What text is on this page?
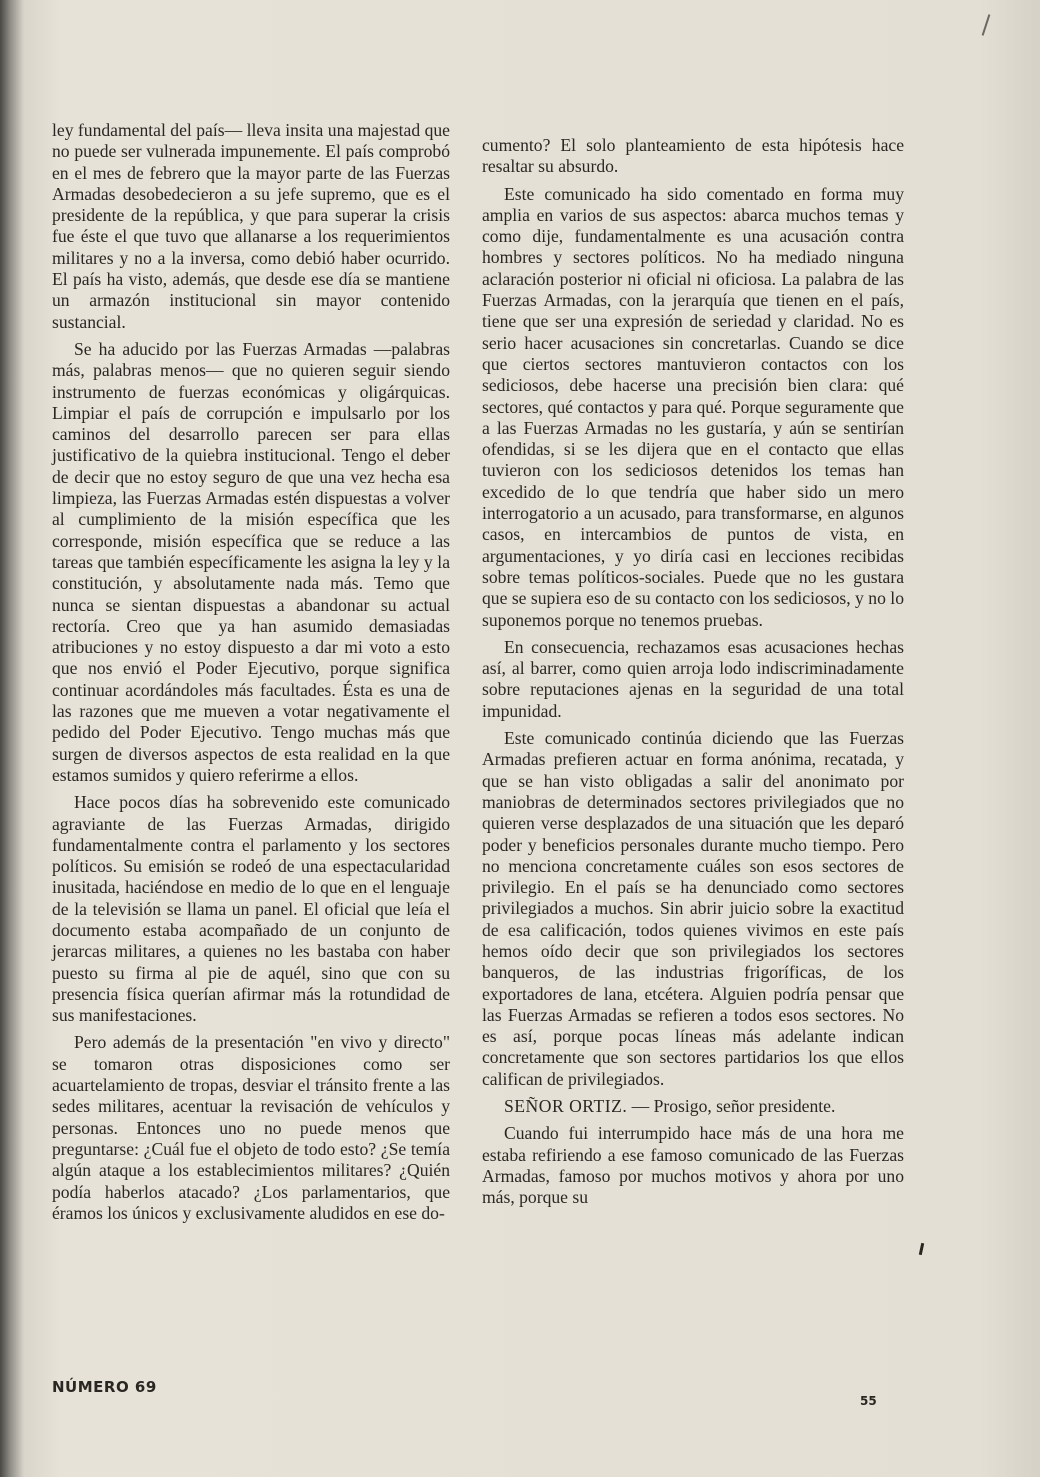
ley fundamental del país— lleva insita una majestad que no puede ser vulnerada impunemente. El país comprobó en el mes de febrero que la mayor parte de las Fuerzas Armadas desobedecieron a su jefe supremo, que es el presidente de la república, y que para superar la crisis fue éste el que tuvo que allanarse a los requerimientos militares y no a la inversa, como debió haber ocurrido. El país ha visto, además, que desde ese día se mantiene un armazón institucional sin mayor contenido sustancial.

Se ha aducido por las Fuerzas Armadas —palabras más, palabras menos— que no quieren seguir siendo instrumento de fuerzas económicas y oligárquicas. Limpiar el país de corrupción e impulsarlo por los caminos del desarrollo parecen ser para ellas justificativo de la quiebra institucional. Tengo el deber de decir que no estoy seguro de que una vez hecha esa limpieza, las Fuerzas Armadas estén dispuestas a volver al cumplimiento de la misión específica que les corresponde, misión específica que se reduce a las tareas que también específicamente les asigna la ley y la constitución, y absolutamente nada más. Temo que nunca se sientan dispuestas a abandonar su actual rectoría. Creo que ya han asumido demasiadas atribuciones y no estoy dispuesto a dar mi voto a esto que nos envió el Poder Ejecutivo, porque significa continuar acordándoles más facultades. Ésta es una de las razones que me mueven a votar negativamente el pedido del Poder Ejecutivo. Tengo muchas más que surgen de diversos aspectos de esta realidad en la que estamos sumidos y quiero referirme a ellos.

Hace pocos días ha sobrevenido este comunicado agraviante de las Fuerzas Armadas, dirigido fundamentalmente contra el parlamento y los sectores políticos. Su emisión se rodeó de una espectacularidad inusitada, haciéndose en medio de lo que en el lenguaje de la televisión se llama un panel. El oficial que leía el documento estaba acompañado de un conjunto de jerarcas militares, a quienes no les bastaba con haber puesto su firma al pie de aquél, sino que con su presencia física querían afirmar más la rotundidad de sus manifestaciones.

Pero además de la presentación "en vivo y directo" se tomaron otras disposiciones como ser acuartelamiento de tropas, desviar el tránsito frente a las sedes militares, acentuar la revisación de vehículos y personas. Entonces uno no puede menos que preguntarse: ¿Cuál fue el objeto de todo esto? ¿Se temía algún ataque a los establecimientos militares? ¿Quién podía haberlos atacado? ¿Los parlamentarios, que éramos los únicos y exclusivamente aludidos en ese do-

cumento? El solo planteamiento de esta hipótesis hace resaltar su absurdo.

Este comunicado ha sido comentado en forma muy amplia en varios de sus aspectos: abarca muchos temas y como dije, fundamentalmente es una acusación contra hombres y sectores políticos. No ha mediado ninguna aclaración posterior ni oficial ni oficiosa. La palabra de las Fuerzas Armadas, con la jerarquía que tienen en el país, tiene que ser una expresión de seriedad y claridad. No es serio hacer acusaciones sin concretarlas. Cuando se dice que ciertos sectores mantuvieron contactos con los sediciosos, debe hacerse una precisión bien clara: qué sectores, qué contactos y para qué. Porque seguramente que a las Fuerzas Armadas no les gustaría, y aún se sentirían ofendidas, si se les dijera que en el contacto que ellas tuvieron con los sediciosos detenidos los temas han excedido de lo que tendría que haber sido un mero interrogatorio a un acusado, para transformarse, en algunos casos, en intercambios de puntos de vista, en argumentaciones, y yo diría casi en lecciones recibidas sobre temas políticos-sociales. Puede que no les gustara que se supiera eso de su contacto con los sediciosos, y no lo suponemos porque no tenemos pruebas.

En consecuencia, rechazamos esas acusaciones hechas así, al barrer, como quien arroja lodo indiscriminadamente sobre reputaciones ajenas en la seguridad de una total impunidad.

Este comunicado continúa diciendo que las Fuerzas Armadas prefieren actuar en forma anónima, recatada, y que se han visto obligadas a salir del anonimato por maniobras de determinados sectores privilegiados que no quieren verse desplazados de una situación que les deparó poder y beneficios personales durante mucho tiempo. Pero no menciona concretamente cuáles son esos sectores de privilegio. En el país se ha denunciado como sectores privilegiados a muchos. Sin abrir juicio sobre la exactitud de esa calificación, todos quienes vivimos en este país hemos oído decir que son privilegiados los sectores banqueros, de las industrias frigoríficas, de los exportadores de lana, etcétera. Alguien podría pensar que las Fuerzas Armadas se refieren a todos esos sectores. No es así, porque pocas líneas más adelante indican concretamente que son sectores partidarios los que ellos califican de privilegiados.

SEÑOR ORTIZ. — Prosigo, señor presidente.

Cuando fui interrumpido hace más de una hora me estaba refiriendo a ese famoso comunicado de las Fuerzas Armadas, famoso por muchos motivos y ahora por uno más, porque su

NÚMERO 69
55
